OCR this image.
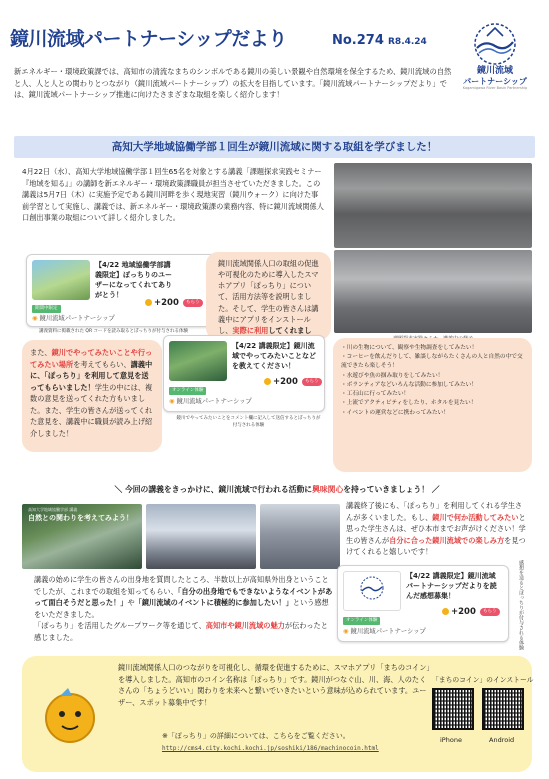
鏡川流域パートナーシップだより	No.274 R8.4.24
鏡川流域
パートナーシップ
Kagamigawa River Basin Partnership
新エネルギー・環境政策課では、高知市の清流なまちのシンボルである鏡川の美しい景観や自然環境を保全するため、鏡川流域の自然と人、人と人との関わりとつながり（鏡川流域パートナーシップ）の拡大を目指しています。「鏡川流域パートナーシップだより」では、鏡川流域パートナーシップ推進に向けたさまざまな取組を楽しく紹介します！
高知大学地域協働学部１回生が鏡川流域に関する取組を学びました！
4月22日（水）、高知大学地域協働学部１回生65名を対象とする講義「課題探求実践セミナー『地域を知る』」の講師を新エネルギー・環境政策課職員が担当させていただきました。この講義は5月7日（木）に実施予定である鏡川河畔を歩く現地実習（鏡川ウォーク）に向けた事前学習として実施し、講義では、新エネルギー・環境政策課の業務内容、特に鏡川流域関係人口創出事業の取組について詳しく紹介しました。
【4/22 地域協働学部講義限定】ぽっちりのユーザーになってくれてありがとう！
+200	もらう
期間中限定
◉ 鏡川流域パートナーシップ
講義資料に掲載された QR コードを読み取るとぽっちりが付与される体験
鏡川流域関係人口の取組の促進や可視化のために導入したスマホアプリ「ぽっちり」について、活用方法等を説明しました。そして、学生の皆さんは講義中にアプリをインストールし、実際に利用してくれまし
また、鏡川でやってみたいことや行ってみたい場所を考えてもらい、講義中に、「ぽっちり」を利用して意見を送ってもらいました！学生の中には、複数の意見を送ってくれた方もいました。また、学生の皆さんが送ってくれた意見を、講義中に職員が読み上げ紹介しました！
【4/22 講義限定】鏡川流域でやってみたいことなどを教えてください！
+200	もらう
オンライン体験
◉ 鏡川流域パートナーシップ
鏡川でやってみたいことをコメント欄に記入して送信するとぽっちりが付与される体験
・川の生物について、観察や生物調査をしてみたい！
・コーヒーを飲んだりして、雑談しながらたくさんの人と自然の中で交流できたら楽しそう！
・水遊びや魚の掴み取りをしてみたい！
・ボランティアなどいろんな活動に参加してみたい！
・工石山に行ってみたい！
・上流でアクティビティをしたり、ホタルを見たい！
・イベントの運営などに携わってみたい！
＼ 今回の講義をきっかけに、鏡川流域で行われる活動に興味関心を持っていきましょう！ ／
高知大学地域協働学部 講義
自然との関わりを考えてみよう！
講義の始めに学生の皆さんの出身地を質問したところ、半数以上が高知県外出身ということでしたが、これまでの取組を知ってもらい、「自分の出身地でもできないようなイベントがあって面白そうだと思った！」や「鏡川流域のイベントに積極的に参加したい！」という感想をいただきました。
「ぽっちり」を活用したグループワーク等を通じて、高知市や鏡川流域の魅力が伝わったと感じました。
講義終了後にも、「ぽっちり」を利用してくれる学生さんが多くいました。もし、鏡川で何か活動してみたいと思った学生さんは、ぜひ本市までお声がけください！学生の皆さんが自分に合った鏡川流域での楽しみ方を見つけてくれると嬉しいです！
【4/22 講義限定】鏡川流域パートナーシップだよりを読んだ感想募集！
+200	もらう
オンライン体験
◉ 鏡川流域パートナーシップ	感想を送るとぽっちりが付与される体験
鏡川流域関係人口のつながりを可視化し、循環を促進するために、スマホアプリ「まちのコイン」を導入しました。高知市のコイン名称は「ぽっちり」です。鏡川がつなぐ山、川、海、人のたくさんの「ちょうどいい」関わりを未来へと繋いでいきたいという意味が込められています。ユーザー、スポット募集中です！
※「ぽっちり」の詳細については、こちらをご覧ください。
http://cms4.city.kochi.kochi.jp/soshiki/186/machinocoin.html
「まちのコイン」のインストール
iPhone	Android
